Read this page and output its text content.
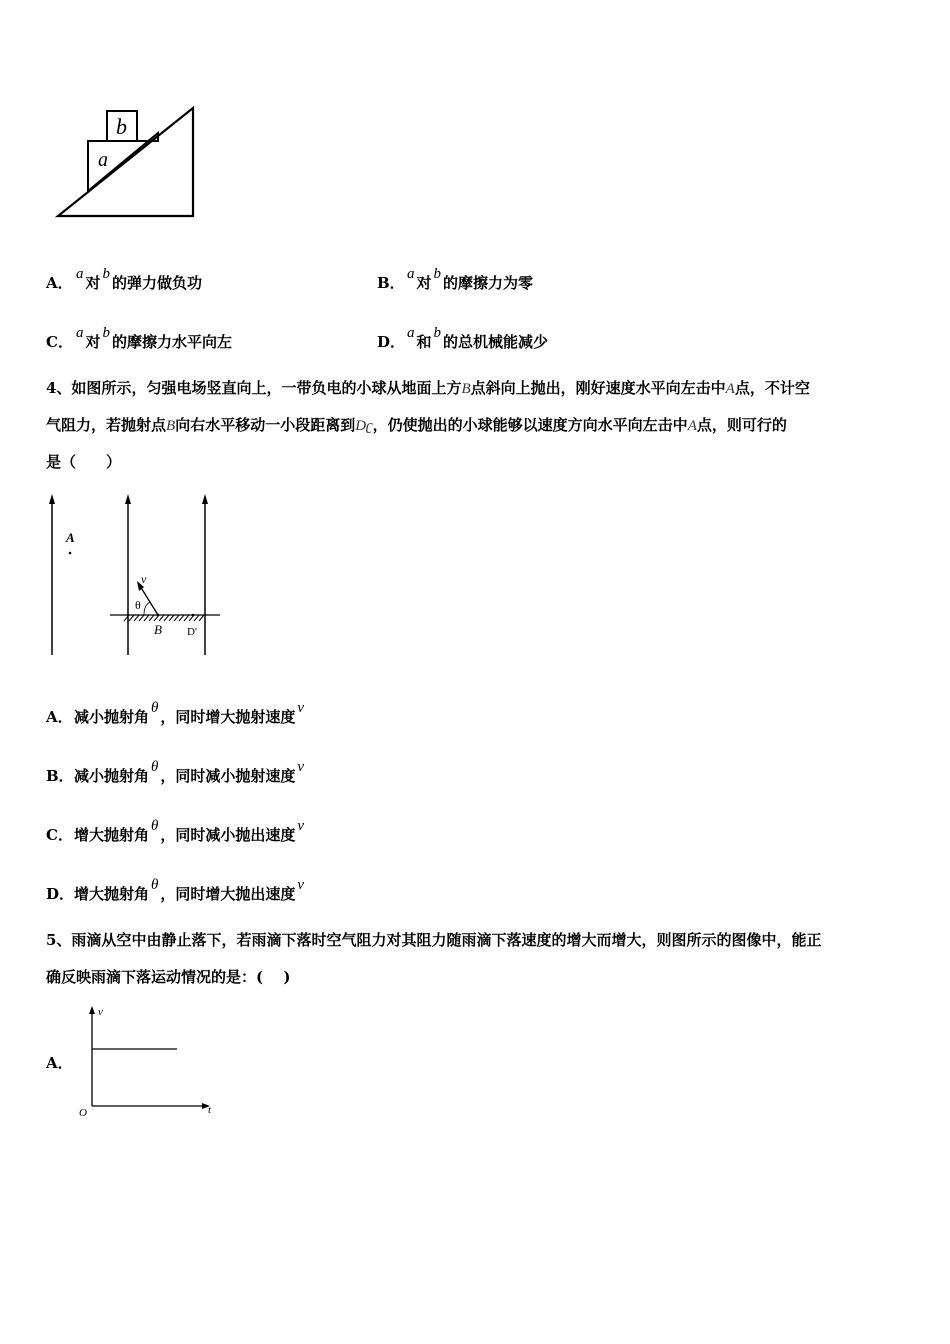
b
a
A． a 对 b 的弹力做负功	B． a 对 b 的摩擦力为零
C． a 对 b 的摩擦力水平向左	D． a 和 b 的总机械能减少
4、如图所示，匀强电场竖直向上，一带负电的小球从地面上方B点斜向上抛出，刚好速度水平向左击中A点，不计空
气阻力，若抛射点B向右水平移动一小段距离到Dʗ，仍使抛出的小球能够以速度方向水平向左击中A点，则可行的
是（　　）
A
v
θ
B D'
A．减小抛射角 θ ，同时增大抛射速度 v
B．减小抛射角 θ ，同时减小抛射速度 v
C．增大抛射角 θ ，同时减小抛出速度 v
D．增大抛射角 θ ，同时增大抛出速度 v
5、雨滴从空中由静止落下，若雨滴下落时空气阻力对其阻力随雨滴下落速度的增大而增大，则图所示的图像中，能正
确反映雨滴下落运动情况的是：(　 )
A．
v
t
O
